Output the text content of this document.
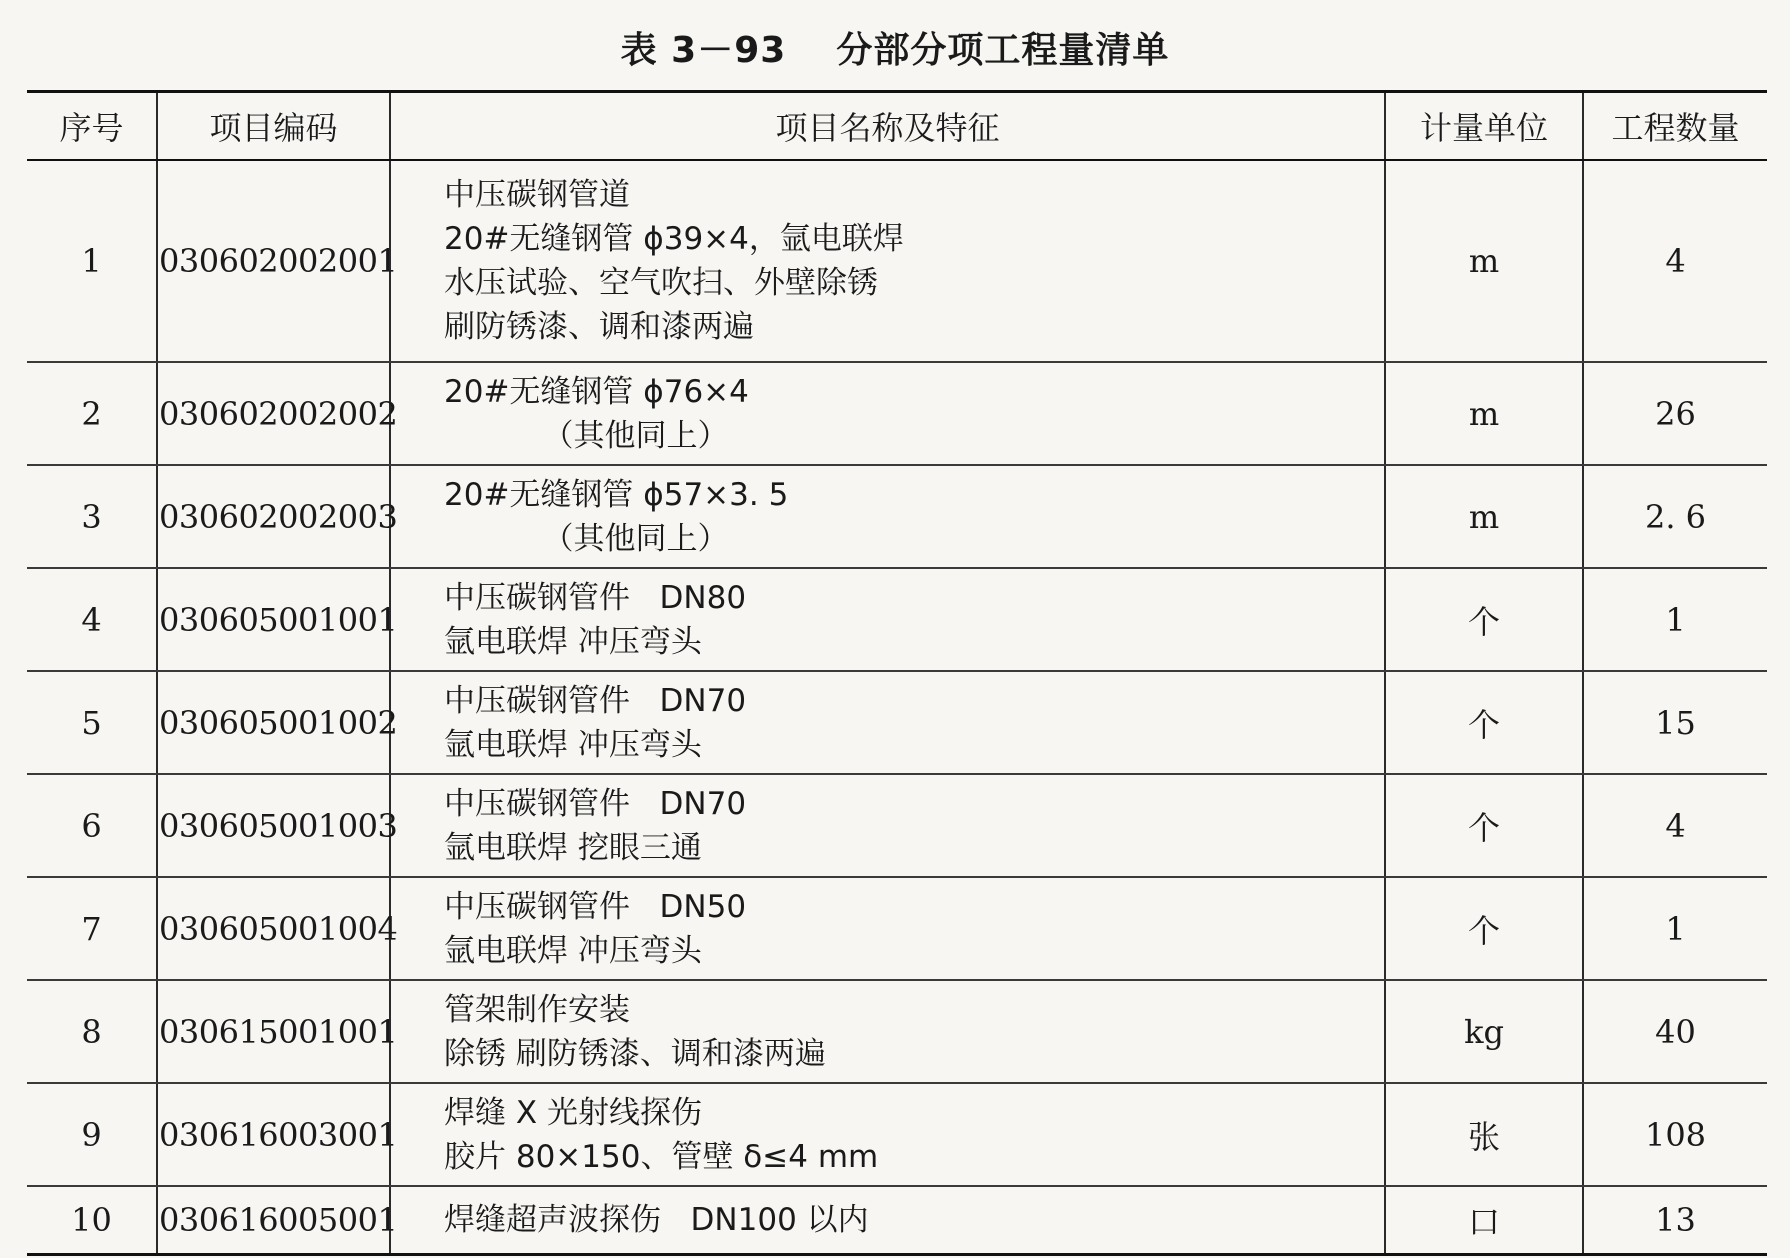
表 3－93 分部分项工程量清单
序号	项目编码	项目名称及特征	计量单位	工程数量
1	030602002001	中压碳钢管道
20#无缝钢管 ϕ39×4，氩电联焊
水压试验、空气吹扫、外壁除锈
刷防锈漆、调和漆两遍	m	4
2	030602002002	20#无缝钢管 ϕ76×4
（其他同上）	m	26
3	030602002003	20#无缝钢管 ϕ57×3. 5
（其他同上）	m	2. 6
4	030605001001	中压碳钢管件   DN80
氩电联焊 冲压弯头	个	1
5	030605001002	中压碳钢管件   DN70
氩电联焊 冲压弯头	个	15
6	030605001003	中压碳钢管件   DN70
氩电联焊 挖眼三通	个	4
7	030605001004	中压碳钢管件   DN50
氩电联焊 冲压弯头	个	1
8	030615001001	管架制作安装
除锈 刷防锈漆、调和漆两遍	kg	40
9	030616003001	焊缝 X 光射线探伤
胶片 80×150、管壁 δ≤4 mm	张	108
10	030616005001	焊缝超声波探伤   DN100 以内	口	13
